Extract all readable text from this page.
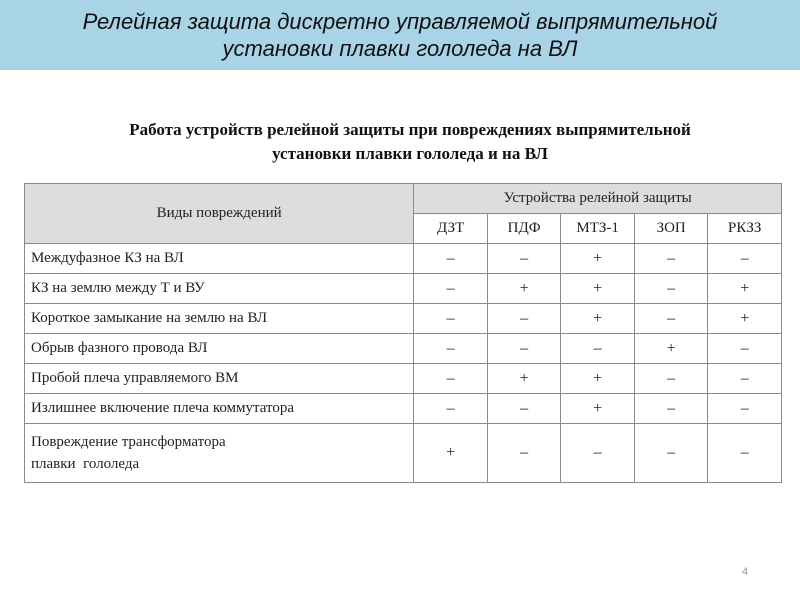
Релейная защита дискретно управляемой выпрямительной
установки плавки гололеда на ВЛ
Работа устройств релейной защиты при повреждениях выпрямительной
установки плавки гололеда и на ВЛ
Виды повреждений	Устройства релейной защиты				
	ДЗТ	ПДФ	МТЗ-1	ЗОП	РКЗЗ
Междуфазное КЗ на ВЛ	–	–	+	–	–
КЗ на землю между Т и ВУ	–	+	+	–	+
Короткое замыкание на землю на ВЛ	–	–	+	–	+
Обрыв фазного провода ВЛ	–	–	–	+	–
Пробой плеча управляемого ВМ	–	+	+	–	–
Излишнее включение плеча коммутатора	–	–	+	–	–
Повреждение трансформатора
плавки  гололеда	+	–	–	–	–
4
